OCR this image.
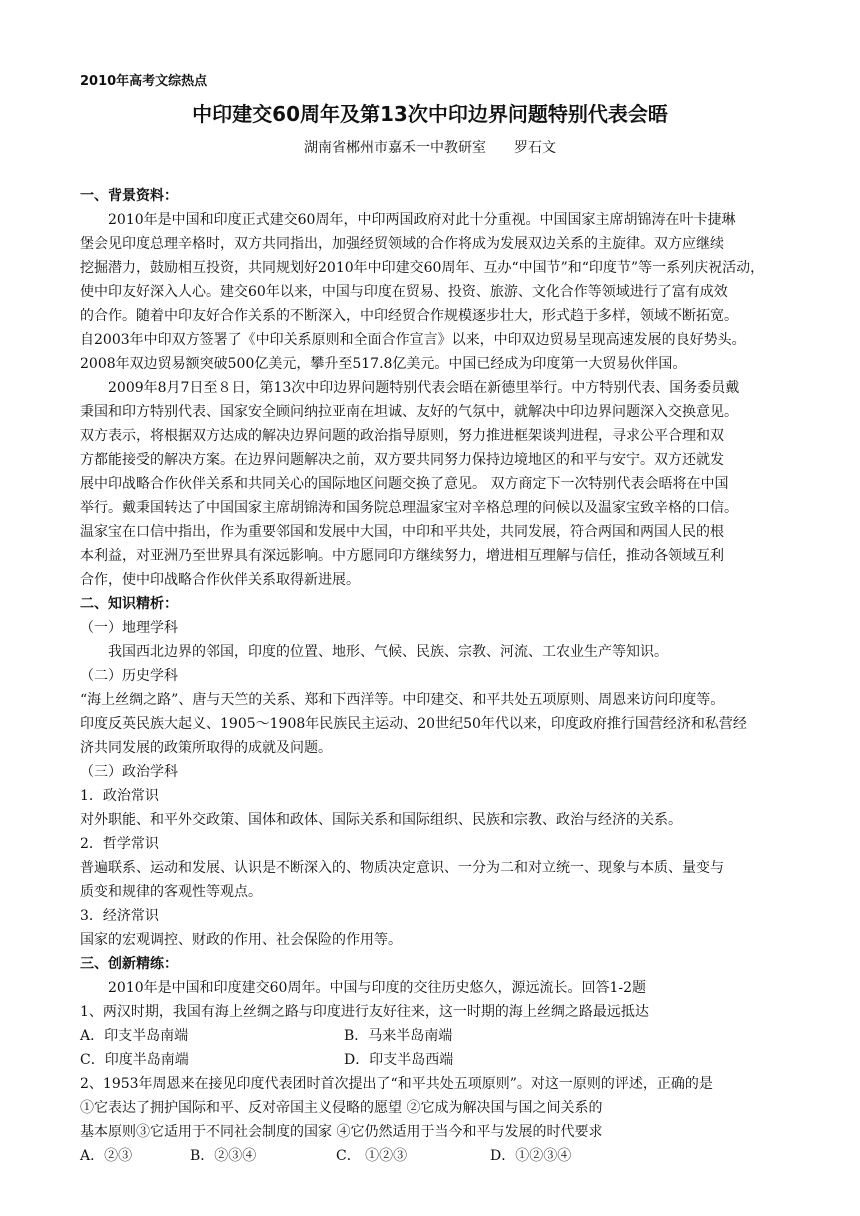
2010年高考文综热点
中印建交60周年及第13次中印边界问题特别代表会晤
湖南省郴州市嘉禾一中教研室 罗石文
一、背景资料：
2010年是中国和印度正式建交60周年，中印两国政府对此十分重视。中国国家主席胡锦涛在叶卡捷琳
堡会见印度总理辛格时，双方共同指出，加强经贸领域的合作将成为发展双边关系的主旋律。双方应继续
挖掘潜力，鼓励相互投资，共同规划好2010年中印建交60周年、互办“中国节”和“印度节”等一系列庆祝活动，
使中印友好深入人心。建交60年以来，中国与印度在贸易、投资、旅游、文化合作等领域进行了富有成效
的合作。随着中印友好合作关系的不断深入，中印经贸合作规模逐步壮大，形式趋于多样，领域不断拓宽。
自2003年中印双方签署了《中印关系原则和全面合作宣言》以来，中印双边贸易呈现高速发展的良好势头。
2008年双边贸易额突破500亿美元，攀升至517.8亿美元。中国已经成为印度第一大贸易伙伴国。
2009年8月7日至８日，第13次中印边界问题特别代表会晤在新德里举行。中方特别代表、国务委员戴
秉国和印方特别代表、国家安全顾问纳拉亚南在坦诚、友好的气氛中，就解决中印边界问题深入交换意见。
双方表示，将根据双方达成的解决边界问题的政治指导原则，努力推进框架谈判进程，寻求公平合理和双
方都能接受的解决方案。在边界问题解决之前，双方要共同努力保持边境地区的和平与安宁。双方还就发
展中印战略合作伙伴关系和共同关心的国际地区问题交换了意见。 双方商定下一次特别代表会晤将在中国
举行。戴秉国转达了中国国家主席胡锦涛和国务院总理温家宝对辛格总理的问候以及温家宝致辛格的口信。
温家宝在口信中指出，作为重要邻国和发展中大国，中印和平共处，共同发展，符合两国和两国人民的根
本利益，对亚洲乃至世界具有深远影响。中方愿同印方继续努力，增进相互理解与信任，推动各领域互利
合作，使中印战略合作伙伴关系取得新进展。
二、知识精析：
（一）地理学科
我国西北边界的邻国，印度的位置、地形、气候、民族、宗教、河流、工农业生产等知识。
（二）历史学科
“海上丝绸之路”、唐与天竺的关系、郑和下西洋等。中印建交、和平共处五项原则、周恩来访问印度等。
印度反英民族大起义、1905～1908年民族民主运动、20世纪50年代以来，印度政府推行国营经济和私营经
济共同发展的政策所取得的成就及问题。
（三）政治学科
1．政治常识
对外职能、和平外交政策、国体和政体、国际关系和国际组织、民族和宗教、政治与经济的关系。
2．哲学常识
普遍联系、运动和发展、认识是不断深入的、物质决定意识、一分为二和对立统一、现象与本质、量变与
质变和规律的客观性等观点。
3．经济常识
国家的宏观调控、财政的作用、社会保险的作用等。
三、创新精练：
2010年是中国和印度建交60周年。中国与印度的交往历史悠久，源远流长。回答1-2题
1、两汉时期，我国有海上丝绸之路与印度进行友好往来，这一时期的海上丝绸之路最远抵达
A．印支半岛南端	B．马来半岛南端
C．印度半岛南端	D．印支半岛西端
2、1953年周恩来在接见印度代表团时首次提出了“和平共处五项原则”。对这一原则的评述，正确的是
①它表达了拥护国际和平、反对帝国主义侵略的愿望 ②它成为解决国与国之间关系的
基本原则③它适用于不同社会制度的国家 ④它仍然适用于当今和平与发展的时代要求
A．②③	B．②③④	C． ①②③	D．①②③④
